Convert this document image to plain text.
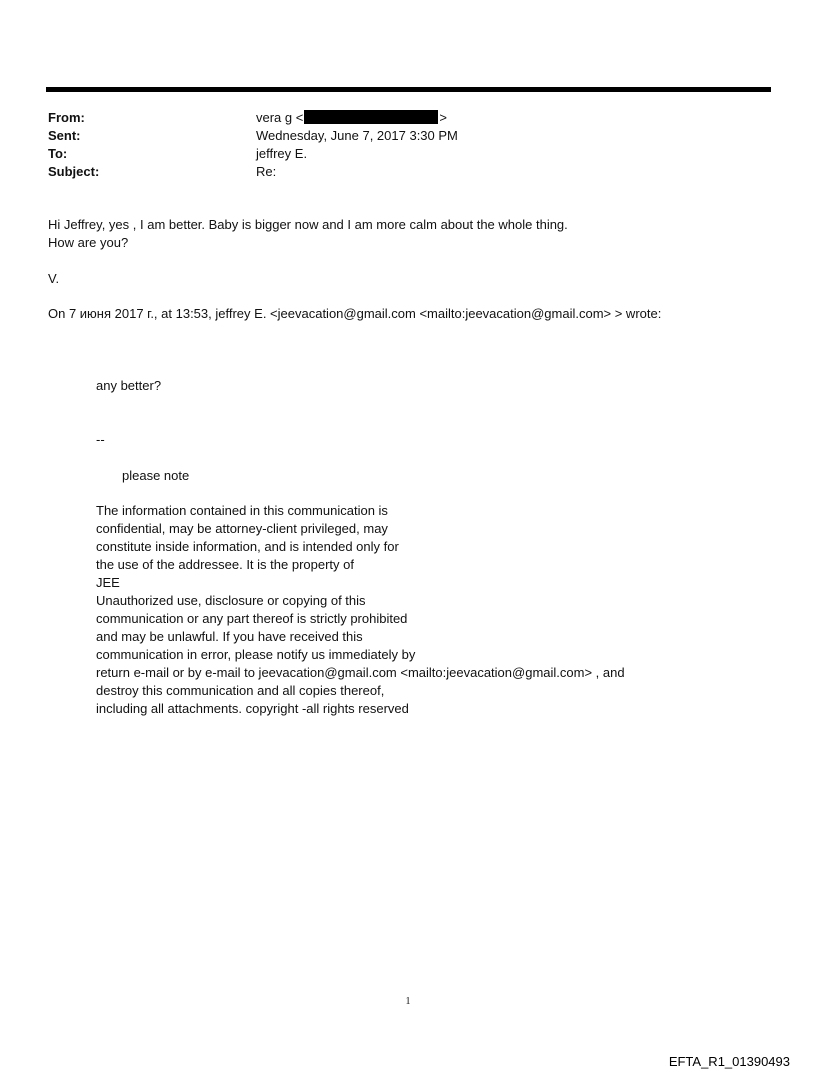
From:	vera g <	>
Sent:	Wednesday, June 7, 2017 3:30 PM
To:	jeffrey E.
Subject:	Re:
Hi Jeffrey, yes , I am better. Baby is bigger now and I am more calm about the whole thing.
How are you?
V.
On 7 июня 2017 г., at 13:53, jeffrey E. <jeevacation@gmail.com <mailto:jeevacation@gmail.com> > wrote:
any better?
--
please note
The information contained in this communication is
confidential, may be attorney-client privileged, may
constitute inside information, and is intended only for
the use of the addressee. It is the property of
JEE
Unauthorized use, disclosure or copying of this
communication or any part thereof is strictly prohibited
and may be unlawful. If you have received this
communication in error, please notify us immediately by
return e-mail or by e-mail to jeevacation@gmail.com <mailto:jeevacation@gmail.com> , and
destroy this communication and all copies thereof,
including all attachments. copyright -all rights reserved
1
EFTA_R1_01390493
